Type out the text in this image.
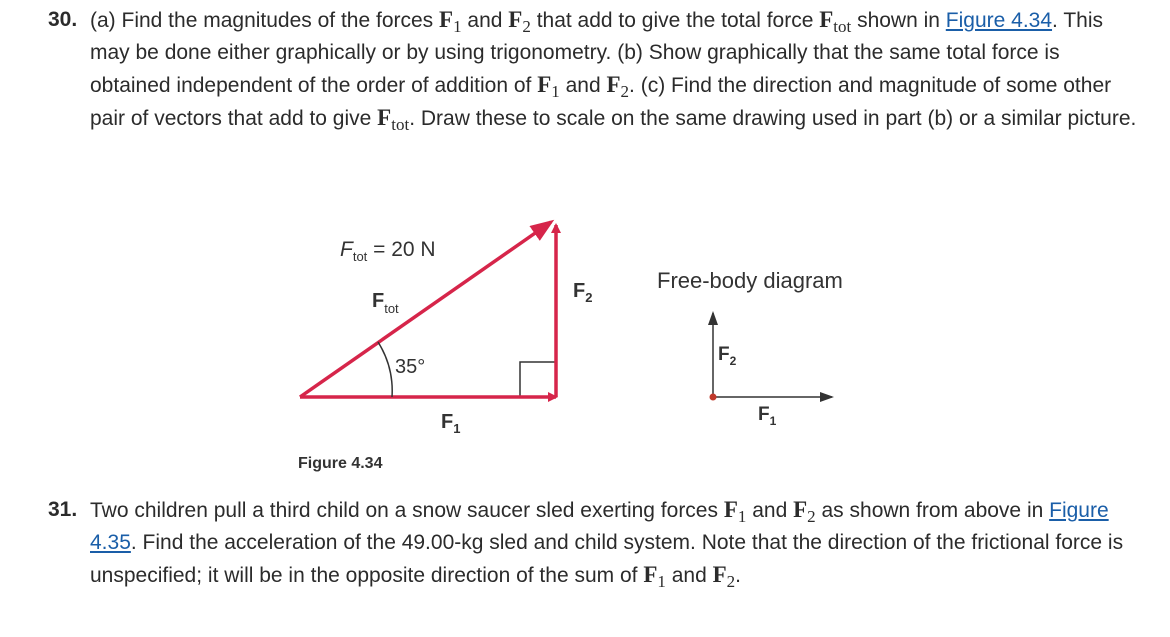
30. (a) Find the magnitudes of the forces $F_1$ and $F_2$ that add to give the total force $F_{tot}$ shown in Figure 4.34. This may be done either graphically or by using trigonometry. (b) Show graphically that the same total force is obtained independent of the order of addition of $F_1$ and $F_2$. (c) Find the direction and magnitude of some other pair of vectors that add to give $F_{tot}$. Draw these to scale on the same drawing used in part (b) or a similar picture.
$F_{tot} = 20$ N
$F_{tot}$
35°
$F_1$
$F_2$
Free-body diagram
$F_2$
$F_1$
Figure 4.34
31. Two children pull a third child on a snow saucer sled exerting forces $F_1$ and $F_2$ as shown from above in Figure 4.35. Find the acceleration of the 49.00-kg sled and child system. Note that the direction of the frictional force is unspecified; it will be in the opposite direction of the sum of $F_1$ and $F_2$.
